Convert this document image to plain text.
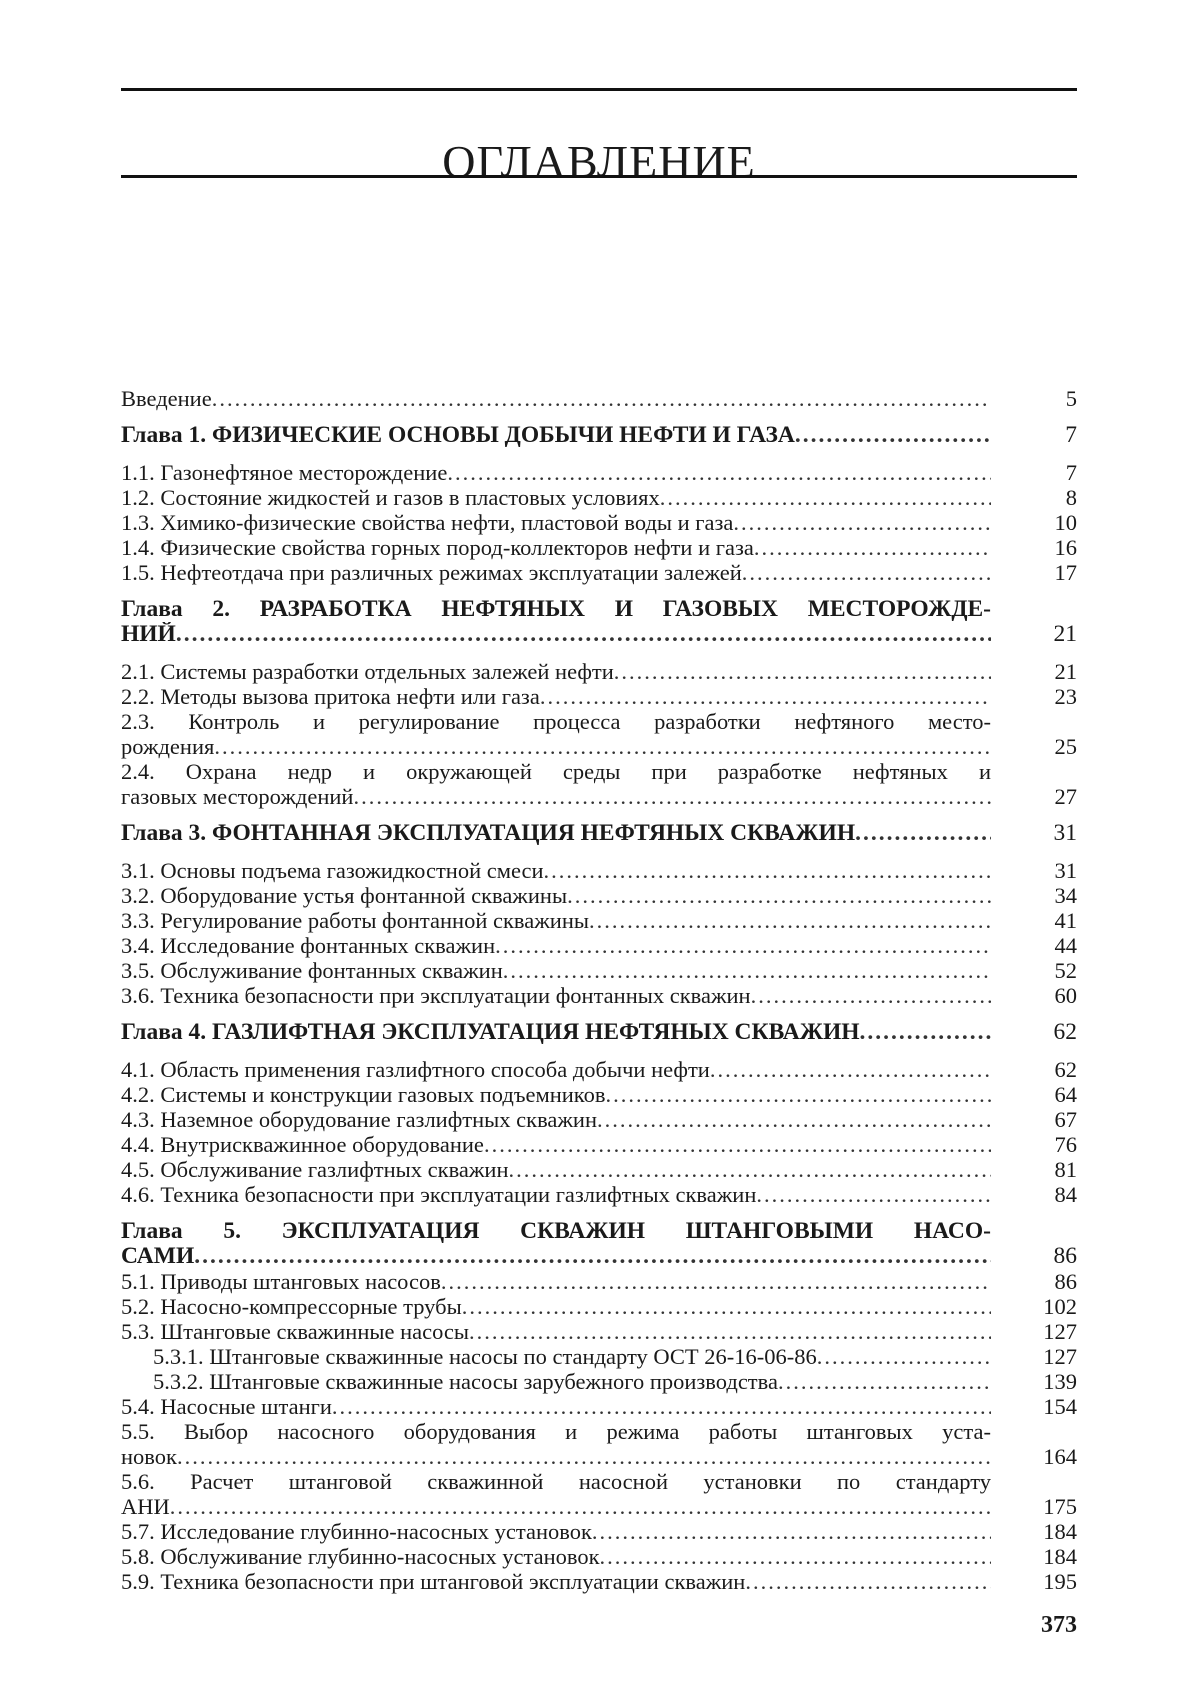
ОГЛАВЛЕНИЕ
Введение .....	5
Глава 1. ФИЗИЧЕСКИЕ ОСНОВЫ ДОБЫЧИ НЕФТИ И ГАЗА .....	7
1.1. Газонефтяное месторождение .....	7
1.2. Состояние жидкостей и газов в пластовых условиях .....	8
1.3. Химико-физические свойства нефти, пластовой воды и газа .....	10
1.4. Физические свойства горных пород-коллекторов нефти и газа .....	16
1.5. Нефтеотдача при различных режимах эксплуатации залежей .....	17
Глава 2. РАЗРАБОТКА НЕФТЯНЫХ И ГАЗОВЫХ МЕСТОРОЖДЕ-
НИЙ .....	21
2.1. Системы разработки отдельных залежей нефти .....	21
2.2. Методы вызова притока нефти или газа .....	23
2.3. Контроль и регулирование процесса разработки нефтяного место-
рождения .....	25
2.4. Охрана недр и окружающей среды при разработке нефтяных и
газовых месторождений .....	27
Глава 3. ФОНТАННАЯ ЭКСПЛУАТАЦИЯ НЕФТЯНЫХ СКВАЖИН .....	31
3.1. Основы подъема газожидкостной смеси .....	31
3.2. Оборудование устья фонтанной скважины .....	34
3.3. Регулирование работы фонтанной скважины .....	41
3.4. Исследование фонтанных скважин .....	44
3.5. Обслуживание фонтанных скважин .....	52
3.6. Техника безопасности при эксплуатации фонтанных скважин .....	60
Глава 4. ГАЗЛИФТНАЯ ЭКСПЛУАТАЦИЯ НЕФТЯНЫХ СКВАЖИН .....	62
4.1. Область применения газлифтного способа добычи нефти .....	62
4.2. Системы и конструкции газовых подъемников .....	64
4.3. Наземное оборудование газлифтных скважин .....	67
4.4. Внутрискважинное оборудование .....	76
4.5. Обслуживание газлифтных скважин .....	81
4.6. Техника безопасности при эксплуатации газлифтных скважин .....	84
Глава 5. ЭКСПЛУАТАЦИЯ СКВАЖИН ШТАНГОВЫМИ НАСО-
САМИ .....	86
5.1. Приводы штанговых насосов .....	86
5.2. Насосно-компрессорные трубы .....	102
5.3. Штанговые скважинные насосы .....	127
5.3.1. Штанговые скважинные насосы по стандарту ОСТ 26-16-06-86 .....	127
5.3.2. Штанговые скважинные насосы зарубежного производства .....	139
5.4. Насосные штанги .....	154
5.5. Выбор насосного оборудования и режима работы штанговых уста-
новок .....	164
5.6. Расчет штанговой скважинной насосной установки по стандарту
АНИ .....	175
5.7. Исследование глубинно-насосных установок .....	184
5.8. Обслуживание глубинно-насосных установок .....	184
5.9. Техника безопасности при штанговой эксплуатации скважин .....	195
373
